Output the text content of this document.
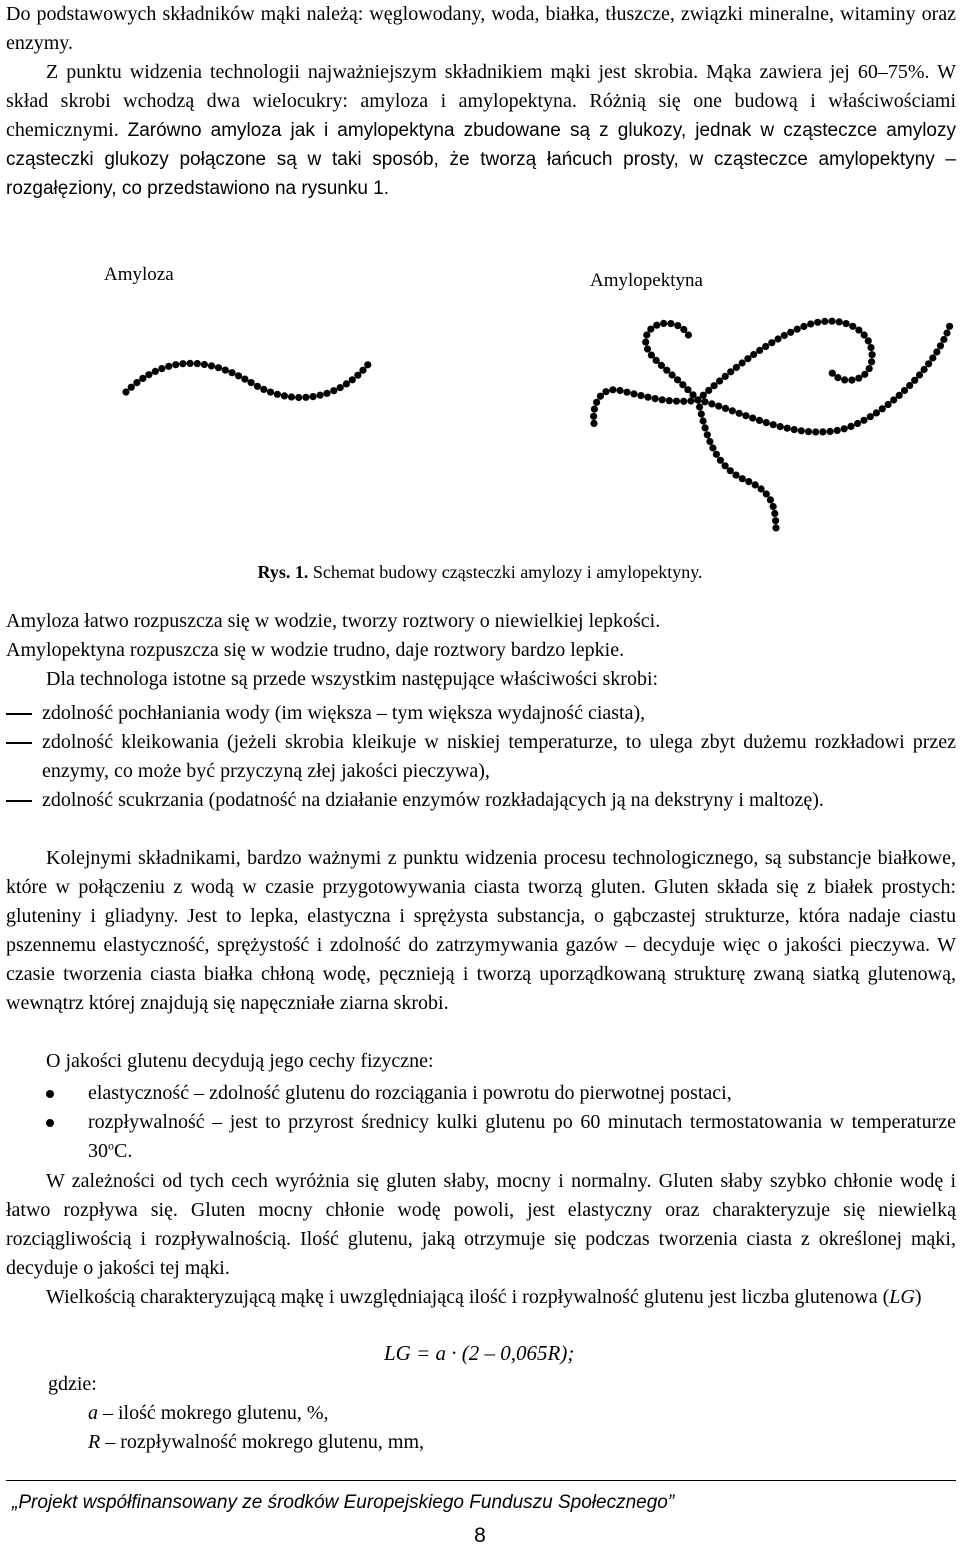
Do podstawowych składników mąki należą: węglowodany, woda, białka, tłuszcze, związki mineralne, witaminy oraz enzymy.

Z punktu widzenia technologii najważniejszym składnikiem mąki jest skrobia. Mąka zawiera jej 60–75%. W skład skrobi wchodzą dwa wielocukry: amyloza i amylopektyna. Różnią się one budową i właściwościami chemicznymi. Zarówno amyloza jak i amylopektyna zbudowane są z glukozy, jednak w cząsteczce amylozy cząsteczki glukozy połączone są w taki sposób, że tworzą łańcuch prosty, w cząsteczce amylopektyny – rozgałęziony, co przedstawiono na rysunku 1.

Amyloza	Amylopektyna
Rys. 1. Schemat budowy cząsteczki amylozy i amylopektyny.

Amyloza łatwo rozpuszcza się w wodzie, tworzy roztwory o niewielkiej lepkości.
Amylopektyna rozpuszcza się w wodzie trudno, daje roztwory bardzo lepkie.

Dla technologa istotne są przede wszystkim następujące właściwości skrobi:

zdolność pochłaniania wody (im większa – tym większa wydajność ciasta),
zdolność kleikowania (jeżeli skrobia kleikuje w niskiej temperaturze, to ulega zbyt dużemu rozkładowi przez enzymy, co może być przyczyną złej jakości pieczywa),
zdolność scukrzania (podatność na działanie enzymów rozkładających ją na dekstryny i maltozę).

Kolejnymi składnikami, bardzo ważnymi z punktu widzenia procesu technologicznego, są substancje białkowe, które w połączeniu z wodą w czasie przygotowywania ciasta tworzą gluten. Gluten składa się z białek prostych: gluteniny i gliadyny. Jest to lepka, elastyczna i sprężysta substancja, o gąbczastej strukturze, która nadaje ciastu pszennemu elastyczność, sprężystość i zdolność do zatrzymywania gazów – decyduje więc o jakości pieczywa. W czasie tworzenia ciasta białka chłoną wodę, pęcznieją i tworzą uporządkowaną strukturę zwaną siatką glutenową, wewnątrz której znajdują się napęczniałe ziarna skrobi.

O jakości glutenu decydują jego cechy fizyczne:

elastyczność – zdolność glutenu do rozciągania i powrotu do pierwotnej postaci,
rozpływalność – jest to przyrost średnicy kulki glutenu po 60 minutach termostatowania w temperaturze 30$^o$C.

W zależności od tych cech wyróżnia się gluten słaby, mocny i normalny. Gluten słaby szybko chłonie wodę i łatwo rozpływa się. Gluten mocny chłonie wodę powoli, jest elastyczny oraz charakteryzuje się niewielką rozciągliwością i rozpływalnością. Ilość glutenu, jaką otrzymuje się podczas tworzenia ciasta z określonej mąki, decyduje o jakości tej mąki.

Wielkością charakteryzującą mąkę i uwzględniającą ilość i rozpływalność glutenu jest liczba glutenowa (LG)

LG = a · (2 – 0,065R);
gdzie:
a – ilość mokrego glutenu, %,
R – rozpływalność mokrego glutenu, mm,
„Projekt współfinansowany ze środków Europejskiego Funduszu Społecznego”
8
